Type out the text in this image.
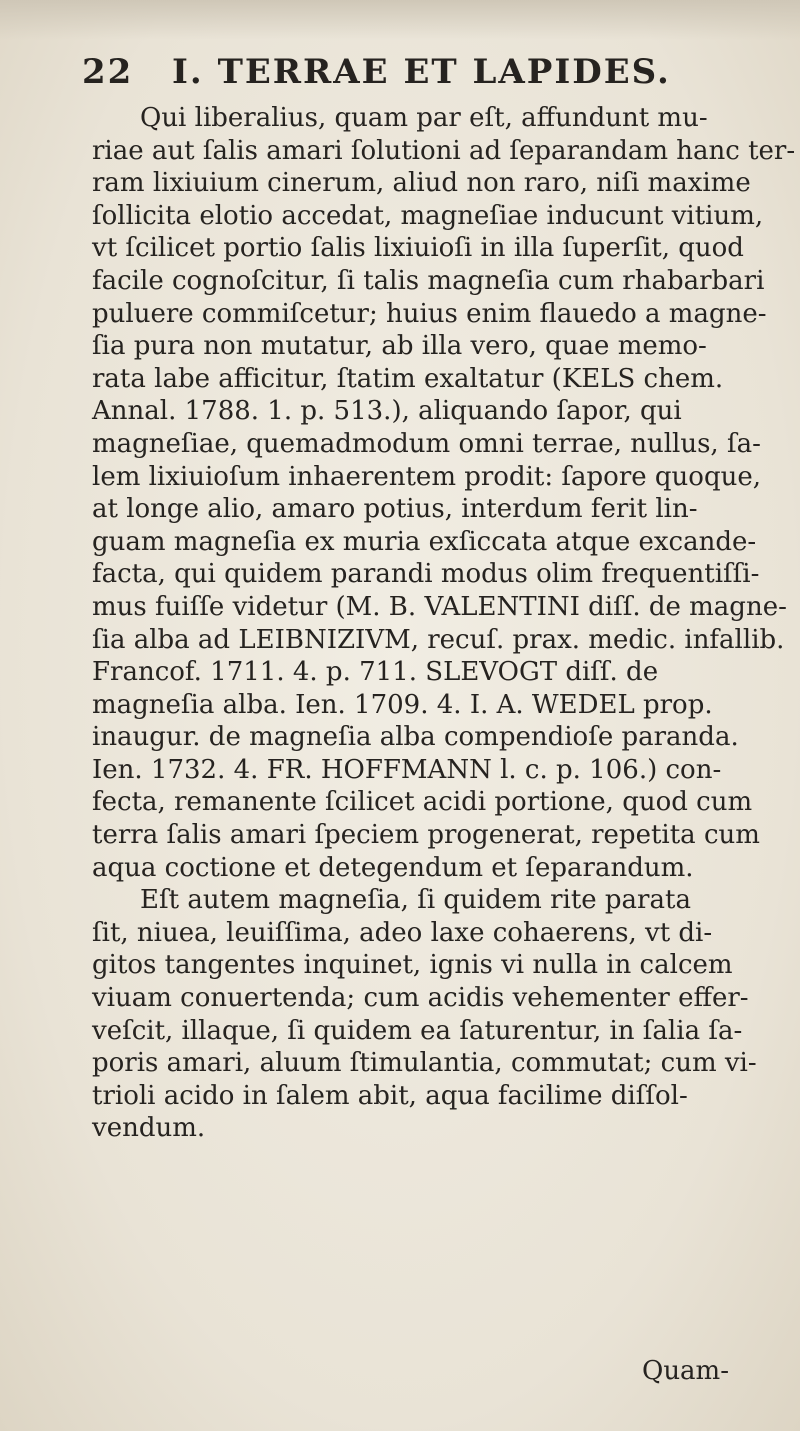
22	I. TERRAE ET LAPIDES.
Qui liberalius, quam par eſt, affundunt mu-
riae aut ſalis amari ſolutioni ad ſeparandam hanc ter-
ram lixiuium cinerum, aliud non raro, niſi maxime
ſollicita elotio accedat, magneſiae inducunt vitium,
vt ſcilicet portio ſalis lixiuioſi in illa ſuperſit, quod
facile cognoſcitur, ſi talis magneſia cum rhabarbari
puluere commiſcetur; huius enim flauedo a magne-
ſia pura non mutatur, ab illa vero, quae memo-
rata labe afficitur, ſtatim exaltatur (KELS chem.
Annal. 1788. 1. p. 513.), aliquando ſapor, qui
magneſiae, quemadmodum omni terrae, nullus, ſa-
lem lixiuioſum inhaerentem prodit: ſapore quoque,
at longe alio, amaro potius, interdum ferit lin-
guam magneſia ex muria exſiccata atque excande-
facta, qui quidem parandi modus olim frequentiſſi-
mus fuiſſe videtur (M. B. VALENTINI diſſ. de magne-
ſia alba ad LEIBNIZIVM, recuſ. prax. medic. infallib.
Francof. 1711. 4. p. 711. SLEVOGT diſſ. de
magneſia alba. Ien. 1709. 4. I. A. WEDEL prop.
inaugur. de magneſia alba compendioſe paranda.
Ien. 1732. 4. FR. HOFFMANN l. c. p. 106.) con-
fecta, remanente ſcilicet acidi portione, quod cum
terra ſalis amari ſpeciem progenerat, repetita cum
aqua coctione et detegendum et ſeparandum.
Eſt autem magneſia, ſi quidem rite parata
ſit, niuea, leuiſſima, adeo laxe cohaerens, vt di-
gitos tangentes inquinet, ignis vi nulla in calcem
viuam conuertenda; cum acidis vehementer effer-
veſcit, illaque, ſi quidem ea ſaturentur, in ſalia ſa-
poris amari, aluum ſtimulantia, commutat; cum vi-
trioli acido in ſalem abit, aqua facilime diſſol-
vendum.
Quam-
